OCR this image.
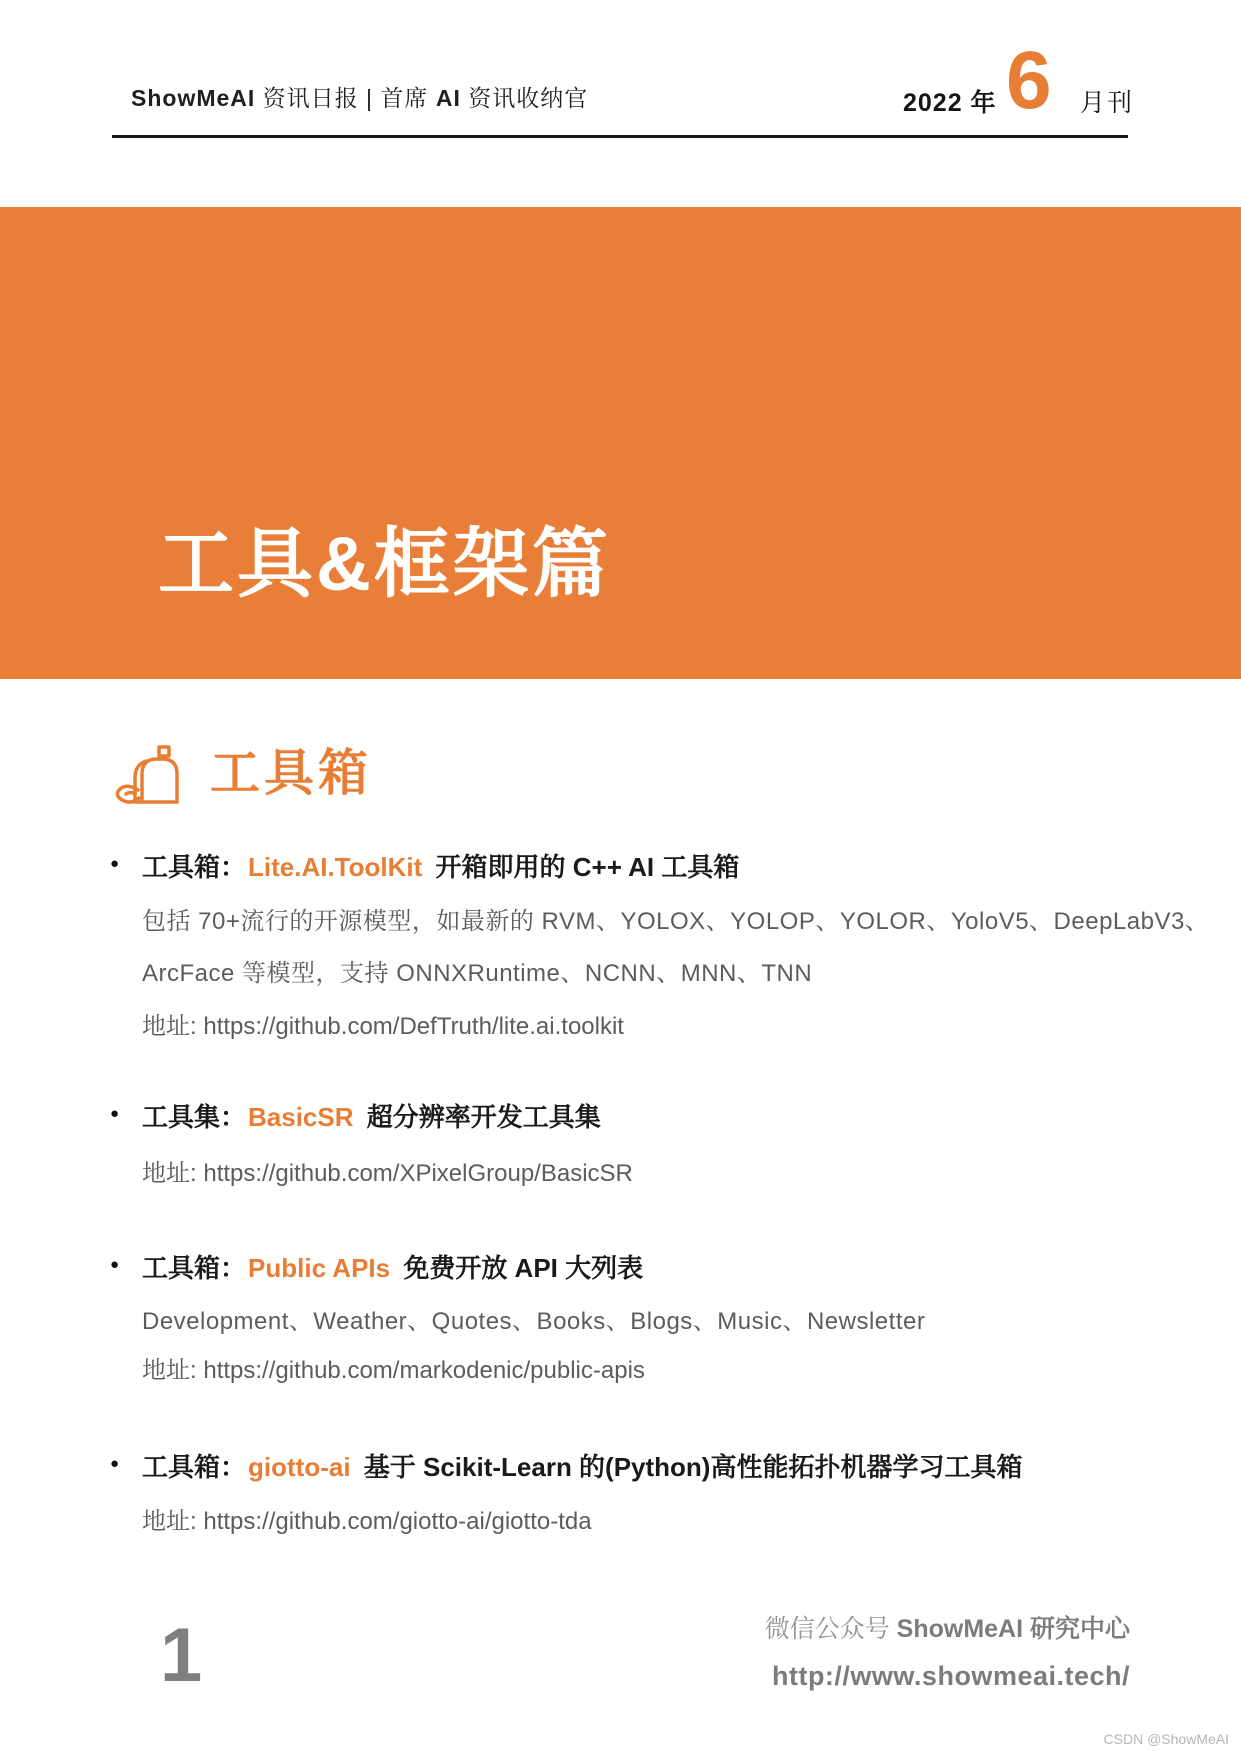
ShowMeAI 资讯日报 | 首席 AI 资讯收纳官	2022 年 6 月刊
工具&框架篇
Part 01
工具箱
● 工具箱：Lite.AI.ToolKit 开箱即用的 C++ AI 工具箱
包括 70+流行的开源模型，如最新的 RVM、YOLOX、YOLOP、YOLOR、YoloV5、DeepLabV3、
ArcFace 等模型，支持 ONNXRuntime、NCNN、MNN、TNN
地址: https://github.com/DefTruth/lite.ai.toolkit
● 工具集：BasicSR 超分辨率开发工具集
地址: https://github.com/XPixelGroup/BasicSR
● 工具箱：Public APIs 免费开放 API 大列表
Development、Weather、Quotes、Books、Blogs、Music、Newsletter
地址: https://github.com/markodenic/public-apis
● 工具箱：giotto-ai 基于 Scikit-Learn 的(Python)高性能拓扑机器学习工具箱
地址: https://github.com/giotto-ai/giotto-tda
1	微信公众号 ShowMeAI 研究中心
http://www.showmeai.tech/
CSDN @ShowMeAI
